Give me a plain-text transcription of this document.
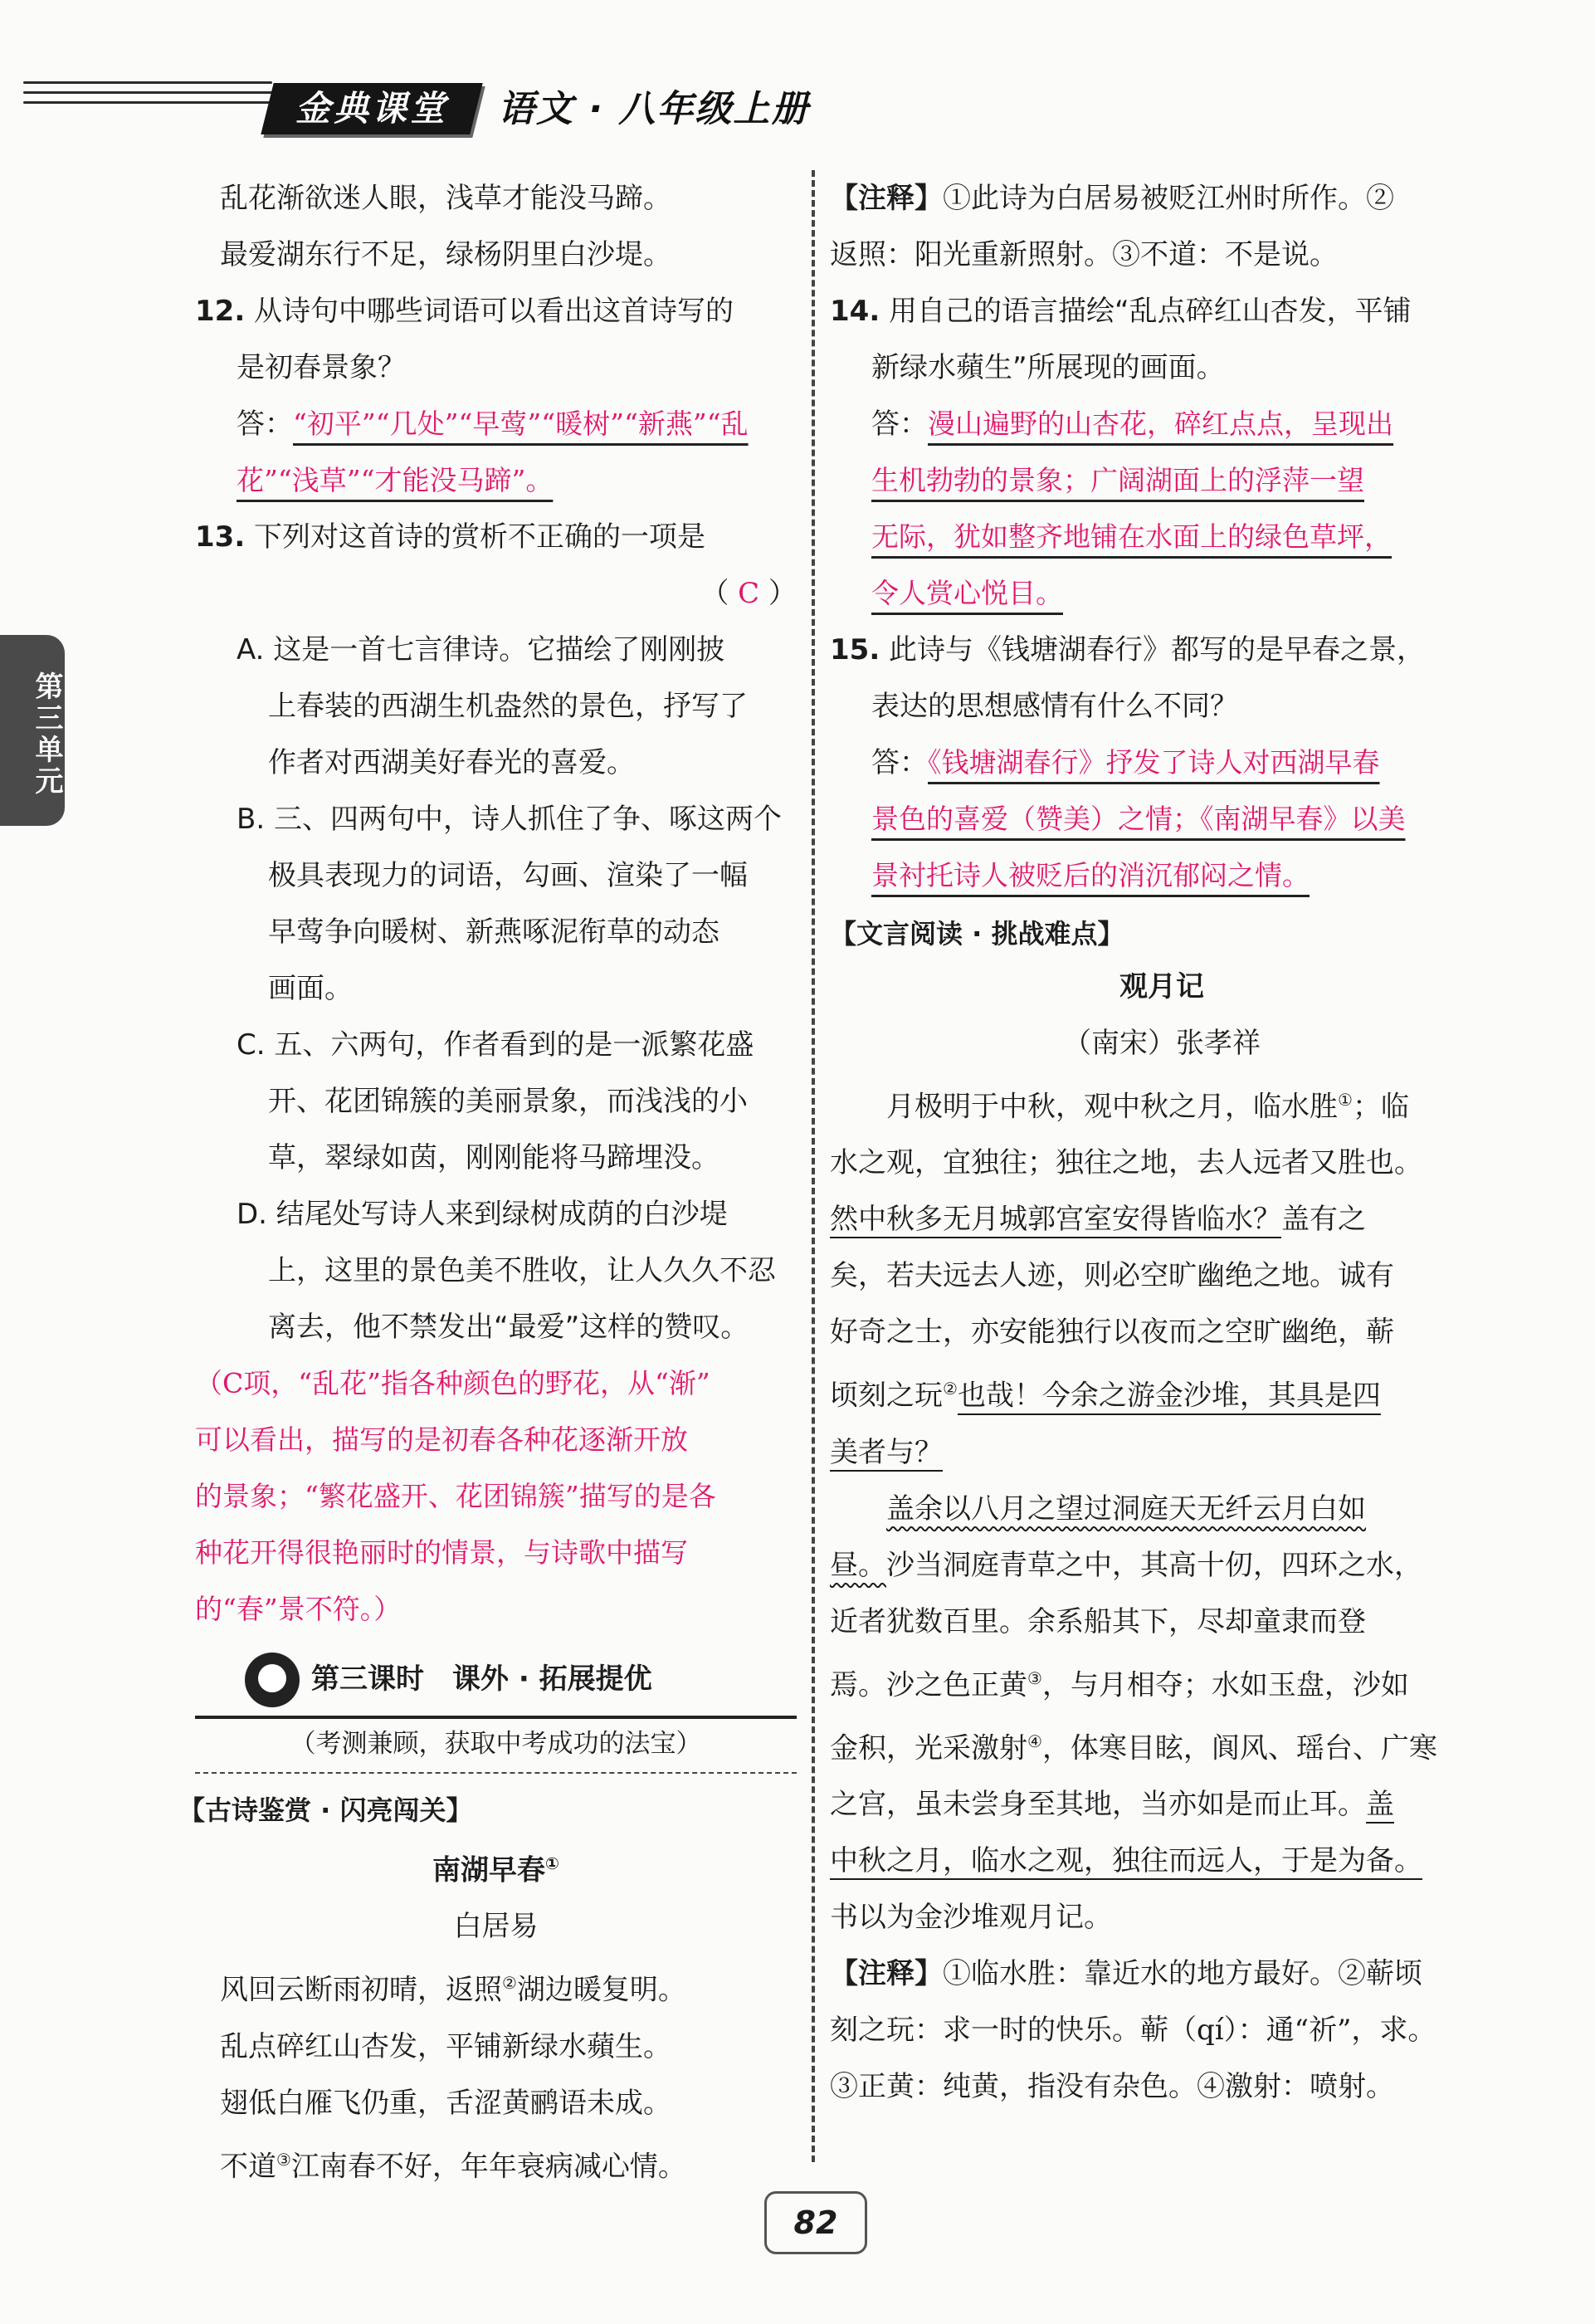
金典课堂	语文 · 八年级上册
第三单元
乱花渐欲迷人眼，浅草才能没马蹄。
最爱湖东行不足，绿杨阴里白沙堤。
12. 从诗句中哪些词语可以看出这首诗写的
是初春景象？
答：“初平”“几处”“早莺”“暖树”“新燕”“乱
花”“浅草”“才能没马蹄”。
13. 下列对这首诗的赏析不正确的一项是
（ C ）
A. 这是一首七言律诗。它描绘了刚刚披
上春装的西湖生机盎然的景色，抒写了
作者对西湖美好春光的喜爱。
B. 三、四两句中，诗人抓住了争、啄这两个
极具表现力的词语，勾画、渲染了一幅
早莺争向暖树、新燕啄泥衔草的动态
画面。
C. 五、六两句，作者看到的是一派繁花盛
开、花团锦簇的美丽景象，而浅浅的小
草，翠绿如茵，刚刚能将马蹄埋没。
D. 结尾处写诗人来到绿树成荫的白沙堤
上，这里的景色美不胜收，让人久久不忍
离去，他不禁发出“最爱”这样的赞叹。
（C项，“乱花”指各种颜色的野花，从“渐”
可以看出，描写的是初春各种花逐渐开放
的景象；“繁花盛开、花团锦簇”描写的是各
种花开得很艳丽时的情景，与诗歌中描写
的“春”景不符。）
第三课时　课外 · 拓展提优
（考测兼顾，获取中考成功的法宝）
【古诗鉴赏 · 闪亮闯关】
南湖早春①
白居易
风回云断雨初晴，返照②湖边暖复明。
乱点碎红山杏发，平铺新绿水蘋生。
翅低白雁飞仍重，舌涩黄鹂语未成。
不道③江南春不好，年年衰病减心情。
【注释】①此诗为白居易被贬江州时所作。②
返照：阳光重新照射。③不道：不是说。
14. 用自己的语言描绘“乱点碎红山杏发，平铺
新绿水蘋生”所展现的画面。
答：漫山遍野的山杏花，碎红点点，呈现出
生机勃勃的景象；广阔湖面上的浮萍一望
无际，犹如整齐地铺在水面上的绿色草坪，
令人赏心悦目。
15. 此诗与《钱塘湖春行》都写的是早春之景，
表达的思想感情有什么不同？
答：《钱塘湖春行》抒发了诗人对西湖早春
景色的喜爱（赞美）之情；《南湖早春》以美
景衬托诗人被贬后的消沉郁闷之情。
【文言阅读 · 挑战难点】
观月记
（南宋）张孝祥
月极明于中秋，观中秋之月，临水胜①；临
水之观，宜独往；独往之地，去人远者又胜也。
然中秋多无月城郭宫室安得皆临水？盖有之
矣，若夫远去人迹，则必空旷幽绝之地。诚有
好奇之士，亦安能独行以夜而之空旷幽绝，蕲
顷刻之玩②也哉！今余之游金沙堆，其具是四
美者与？
盖余以八月之望过洞庭天无纤云月白如
昼。沙当洞庭青草之中，其高十仞，四环之水，
近者犹数百里。余系船其下，尽却童隶而登
焉。沙之色正黄③，与月相夺；水如玉盘，沙如
金积，光采激射④，体寒目眩，阆风、瑶台、广寒
之宫，虽未尝身至其地，当亦如是而止耳。盖
中秋之月，临水之观，独往而远人，于是为备。
书以为金沙堆观月记。
【注释】①临水胜：靠近水的地方最好。②蕲顷
刻之玩：求一时的快乐。蕲（qí）：通“祈”，求。
③正黄：纯黄，指没有杂色。④激射：喷射。
82
